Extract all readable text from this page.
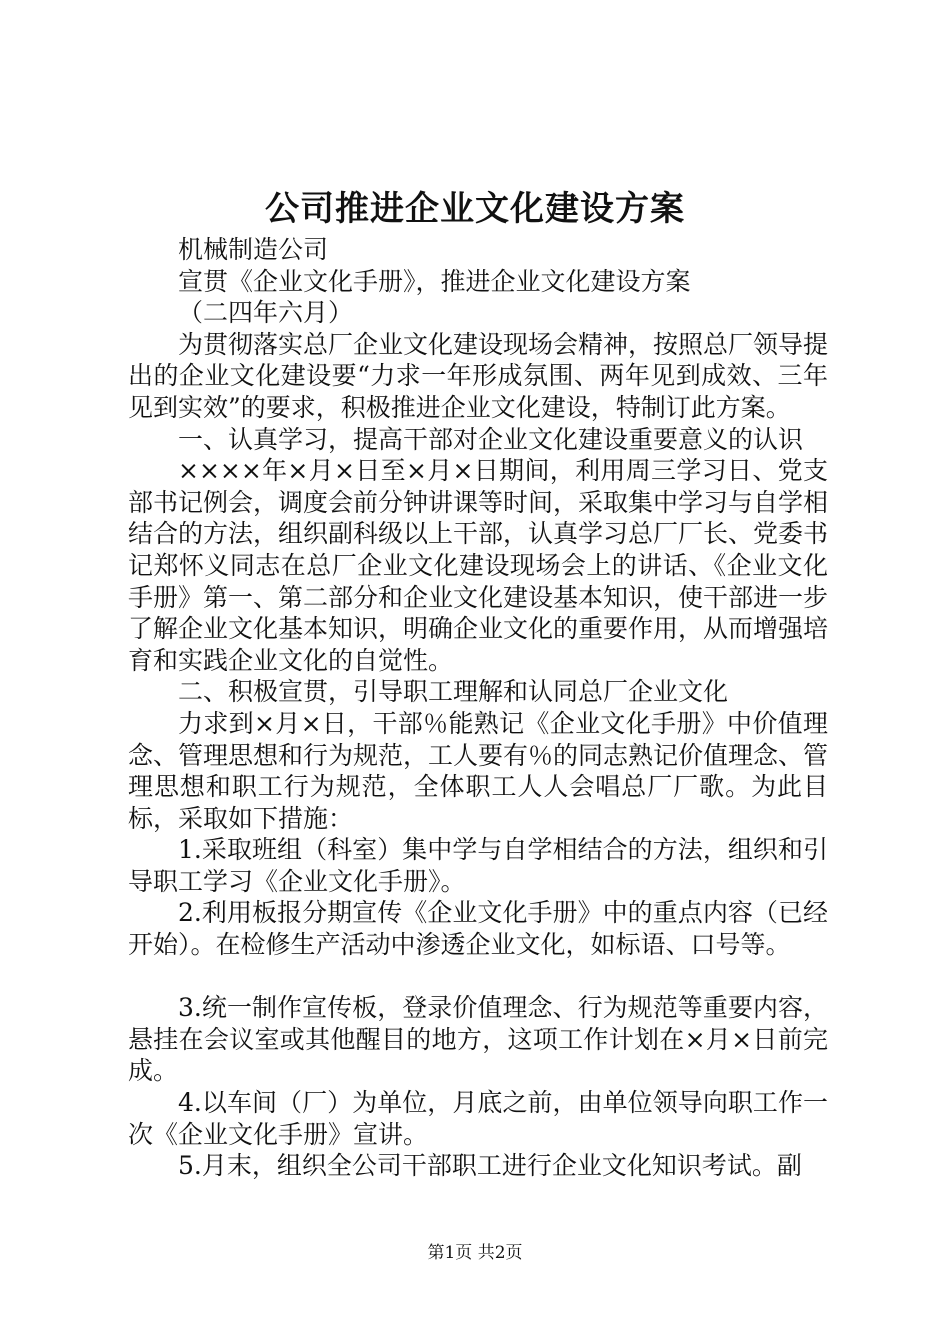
公司推进企业文化建设方案

机械制造公司

宣贯《企业文化手册》，推进企业文化建设方案

（二四年六月）

为贯彻落实总厂企业文化建设现场会精神，按照总厂领导提出的企业文化建设要“力求一年形成氛围、两年见到成效、三年见到实效”的要求，积极推进企业文化建设，特制订此方案。

一、认真学习，提高干部对企业文化建设重要意义的认识

××××年×月×日至×月×日期间，利用周三学习日、党支部书记例会，调度会前分钟讲课等时间，采取集中学习与自学相结合的方法，组织副科级以上干部，认真学习总厂厂长、党委书记郑怀义同志在总厂企业文化建设现场会上的讲话、《企业文化手册》第一、第二部分和企业文化建设基本知识，使干部进一步了解企业文化基本知识，明确企业文化的重要作用，从而增强培育和实践企业文化的自觉性。

二、积极宣贯，引导职工理解和认同总厂企业文化

力求到×月×日，干部％能熟记《企业文化手册》中价值理念、管理思想和行为规范，工人要有％的同志熟记价值理念、管理思想和职工行为规范，全体职工人人会唱总厂厂歌。为此目标，采取如下措施：

1.采取班组（科室）集中学与自学相结合的方法，组织和引导职工学习《企业文化手册》。

2.利用板报分期宣传《企业文化手册》中的重点内容（已经开始）。在检修生产活动中渗透企业文化，如标语、口号等。

3.统一制作宣传板，登录价值理念、行为规范等重要内容，悬挂在会议室或其他醒目的地方，这项工作计划在×月×日前完成。

4.以车间（厂）为单位，月底之前，由单位领导向职工作一次《企业文化手册》宣讲。

5.月末，组织全公司干部职工进行企业文化知识考试。副

第1页 共2页
